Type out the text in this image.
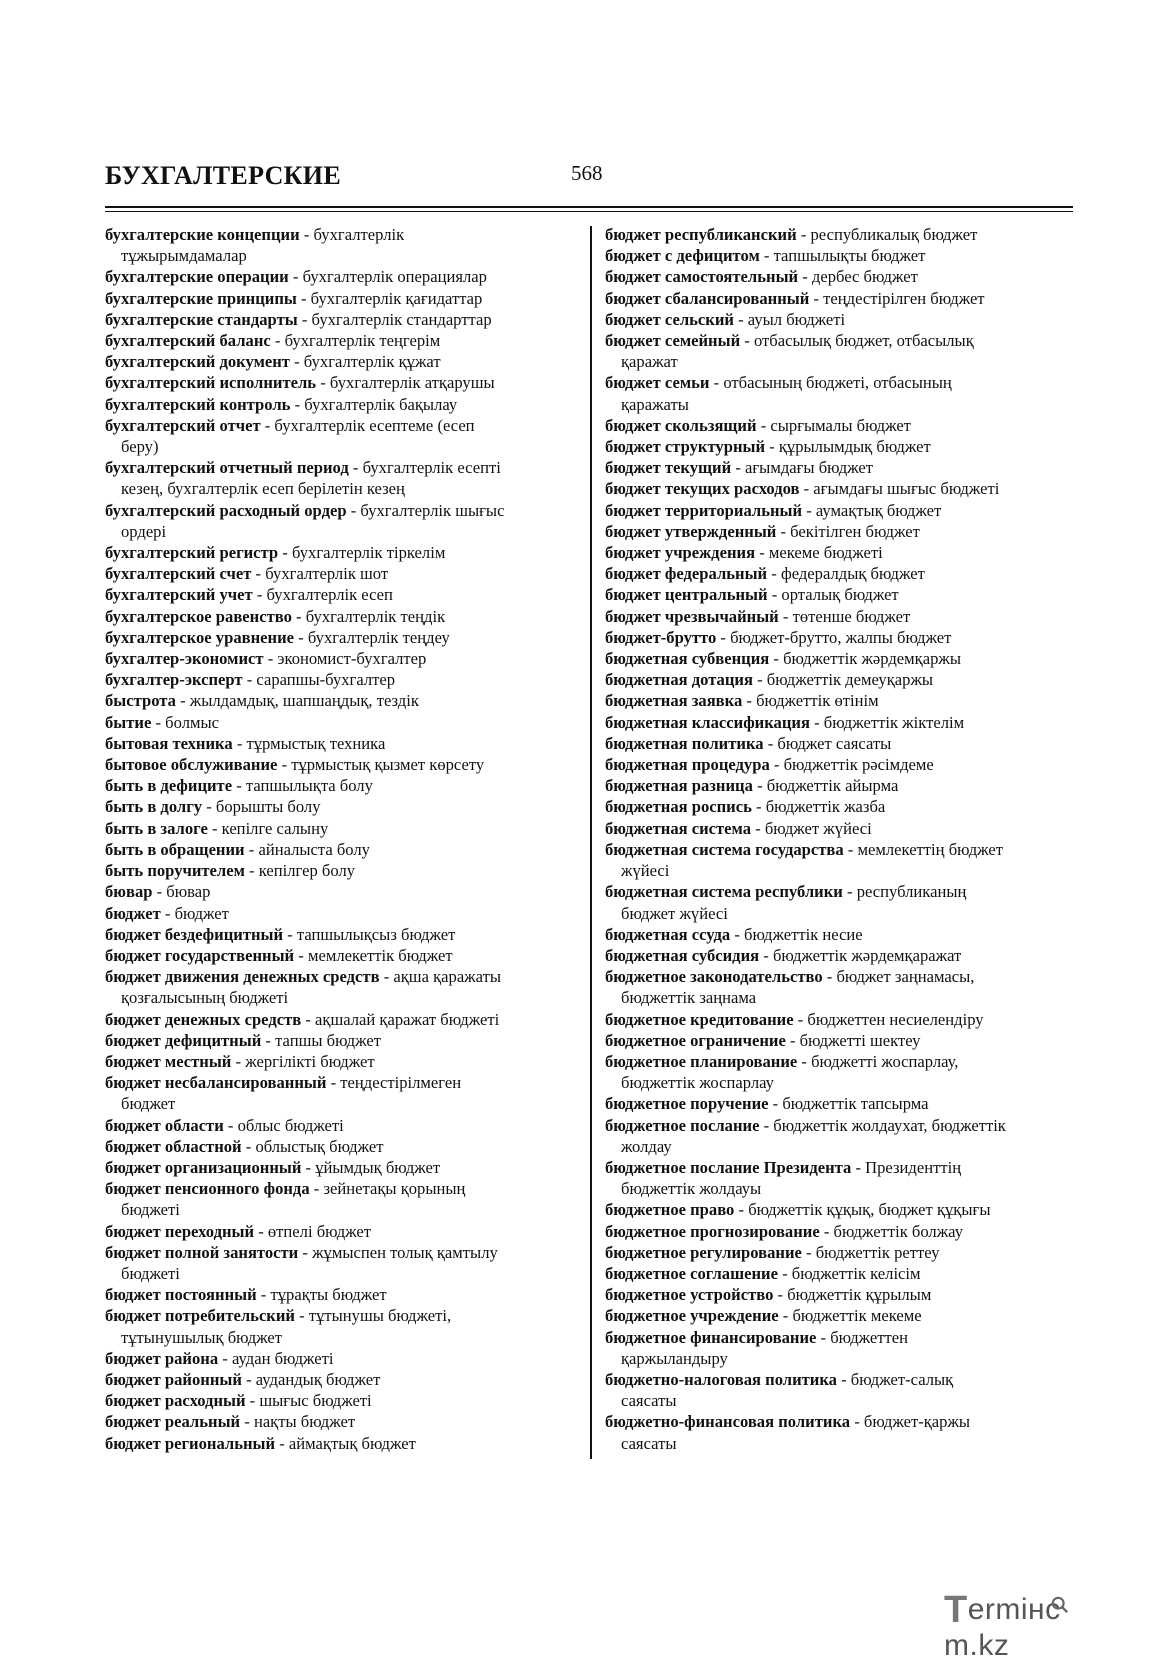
БУХГАЛТЕРСКИЕ	568
бухгалтерские концепции - бухгалтерлік
тұжырымдамалар
бухгалтерские операции - бухгалтерлік операциялар
бухгалтерские принципы - бухгалтерлік қағидаттар
бухгалтерские стандарты - бухгалтерлік стандарттар
бухгалтерский баланс - бухгалтерлік теңгерім
бухгалтерский документ - бухгалтерлік құжат
бухгалтерский исполнитель - бухгалтерлік атқарушы
бухгалтерский контроль - бухгалтерлік бақылау
бухгалтерский отчет - бухгалтерлік есептеме (есеп
беру)
бухгалтерский отчетный период - бухгалтерлік есепті
кезең, бухгалтерлік есеп берілетін кезең
бухгалтерский расходный ордер - бухгалтерлік шығыс
ордері
бухгалтерский регистр - бухгалтерлік тіркелім
бухгалтерский счет - бухгалтерлік шот
бухгалтерский учет - бухгалтерлік есеп
бухгалтерское равенство - бухгалтерлік теңдік
бухгалтерское уравнение - бухгалтерлік теңдеу
бухгалтер-экономист - экономист-бухгалтер
бухгалтер-эксперт - сарапшы-бухгалтер
быстрота - жылдамдық, шапшаңдық, тездік
бытие - болмыс
бытовая техника - тұрмыстық техника
бытовое обслуживание - тұрмыстық қызмет көрсету
быть в дефиците - тапшылықта болу
быть в долгу - борышты болу
быть в залоге - кепілге салыну
быть в обращении - айналыста болу
быть поручителем - кепілгер болу
бювар - бювар
бюджет - бюджет
бюджет бездефицитный - тапшылықсыз бюджет
бюджет государственный - мемлекеттік бюджет
бюджет движения денежных средств - ақша қаражаты
қозғалысының бюджеті
бюджет денежных средств - ақшалай қаражат бюджеті
бюджет дефицитный - тапшы бюджет
бюджет местный - жергілікті бюджет
бюджет несбалансированный - теңдестірілмеген
бюджет
бюджет области - облыс бюджеті
бюджет областной - облыстық бюджет
бюджет организационный - ұйымдық бюджет
бюджет пенсионного фонда - зейнетақы қорының
бюджеті
бюджет переходный - өтпелі бюджет
бюджет полной занятости - жұмыспен толық қамтылу
бюджеті
бюджет постоянный - тұрақты бюджет
бюджет потребительский - тұтынушы бюджеті,
тұтынушылық бюджет
бюджет района - аудан бюджеті
бюджет районный - аудандық бюджет
бюджет расходный - шығыс бюджеті
бюджет реальный - нақты бюджет
бюджет региональный - аймақтық бюджет
бюджет республиканский - республикалық бюджет
бюджет с дефицитом - тапшылықты бюджет
бюджет самостоятельный - дербес бюджет
бюджет сбалансированный - теңдестірілген бюджет
бюджет сельский - ауыл бюджеті
бюджет семейный - отбасылық бюджет, отбасылық
қаражат
бюджет семьи - отбасының бюджеті, отбасының
қаражаты
бюджет скользящий - сырғымалы бюджет
бюджет структурный - құрылымдық бюджет
бюджет текущий - ағымдағы бюджет
бюджет текущих расходов - ағымдағы шығыс бюджеті
бюджет территориальный - аумақтық бюджет
бюджет утвержденный - бекітілген бюджет
бюджет учреждения - мекеме бюджеті
бюджет федеральный - федералдық бюджет
бюджет центральный - орталық бюджет
бюджет чрезвычайный - төтенше бюджет
бюджет-брутто - бюджет-брутто, жалпы бюджет
бюджетная субвенция - бюджеттік жәрдемқаржы
бюджетная дотация - бюджеттік демеуқаржы
бюджетная заявка - бюджеттік өтінім
бюджетная классификация - бюджеттік жіктелім
бюджетная политика - бюджет саясаты
бюджетная процедура - бюджеттік рәсімдеме
бюджетная разница - бюджеттік айырма
бюджетная роспись - бюджеттік жазба
бюджетная система - бюджет жүйесі
бюджетная система государства - мемлекеттің бюджет
жүйесі
бюджетная система республики - республиканың
бюджет жүйесі
бюджетная ссуда - бюджеттік несие
бюджетная субсидия - бюджеттік жәрдемқаражат
бюджетное законодательство - бюджет заңнамасы,
бюджеттік заңнама
бюджетное кредитование - бюджеттен несиелендіру
бюджетное ограничение - бюджетті шектеу
бюджетное планирование - бюджетті жоспарлау,
бюджеттік жоспарлау
бюджетное поручение - бюджеттік тапсырма
бюджетное послание - бюджеттік жолдаухат, бюджеттік
жолдау
бюджетное послание Президента - Президенттің
бюджеттік жолдауы
бюджетное право - бюджеттік құқық, бюджет құқығы
бюджетное прогнозирование - бюджеттік болжау
бюджетное регулирование - бюджеттік реттеу
бюджетное соглашение - бюджеттік келісім
бюджетное устройство - бюджеттік құрылым
бюджетное учреждение - бюджеттік мекеме
бюджетное финансирование - бюджеттен
қаржыландыру
бюджетно-налоговая политика - бюджет-салық
саясаты
бюджетно-финансовая политика - бюджет-қаржы
саясаты
Termінc
m.kz
